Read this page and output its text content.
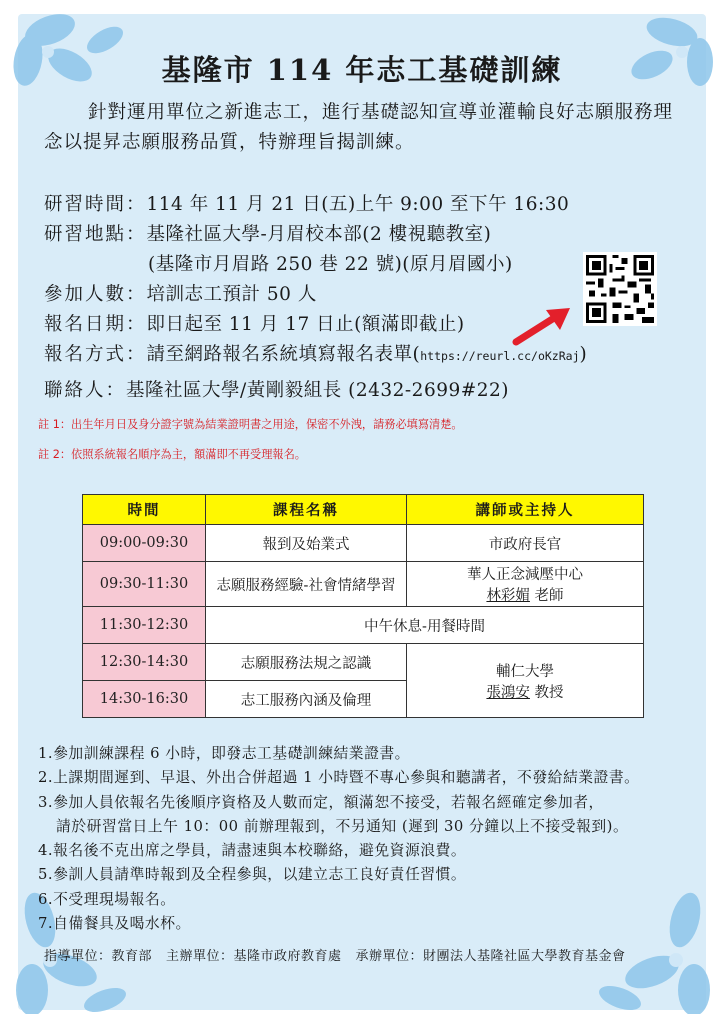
基隆市 114 年志工基礎訓練
針對運用單位之新進志工，進行基礎認知宣導並灌輸良好志願服務理念以提昇志願服務品質，特辦理旨揭訓練。
研習時間：114 年 11 月 21 日(五)上午 9:00 至下午 16:30
研習地點：基隆社區大學-月眉校本部(2 樓視聽教室)
(基隆市月眉路 250 巷 22 號)(原月眉國小)
參加人數：培訓志工預計 50 人
報名日期：即日起至 11 月 17 日止(額滿即截止)
報名方式：請至網路報名系統填寫報名表單(https://reurl.cc/oKzRaj)
聯絡人：基隆社區大學/黃剛毅組長 (2432-2699#22)
註 1：出生年月日及身分證字號為結業證明書之用途，保密不外洩，請務必填寫清楚。
註 2：依照系統報名順序為主，額滿即不再受理報名。
時間	課程名稱	講師或主持人
09:00-09:30	報到及始業式	市政府長官
09:30-11:30	志願服務經驗-社會情緒學習	華人正念減壓中心
林彩媚 老師

11:30-12:30	中午休息-用餐時間	
12:30-14:30	志願服務法規之認識	輔仁大學
張鴻安 教授

14:30-16:30	志工服務內涵及倫理	
1.參加訓練課程 6 小時，即發志工基礎訓練結業證書。
2.上課期間遲到、早退、外出合併超過 1 小時暨不專心參與和聽講者，不發給結業證書。
3.參加人員依報名先後順序資格及人數而定，額滿恕不接受，若報名經確定參加者，
請於研習當日上午 10：00 前辦理報到，不另通知 (遲到 30 分鐘以上不接受報到)。
4.報名後不克出席之學員，請盡速與本校聯絡，避免資源浪費。
5.參訓人員請準時報到及全程參與，以建立志工良好責任習慣。
6.不受理現場報名。
7.自備餐具及喝水杯。
指導單位：教育部 主辦單位：基隆市政府教育處 承辦單位：財團法人基隆社區大學教育基金會
